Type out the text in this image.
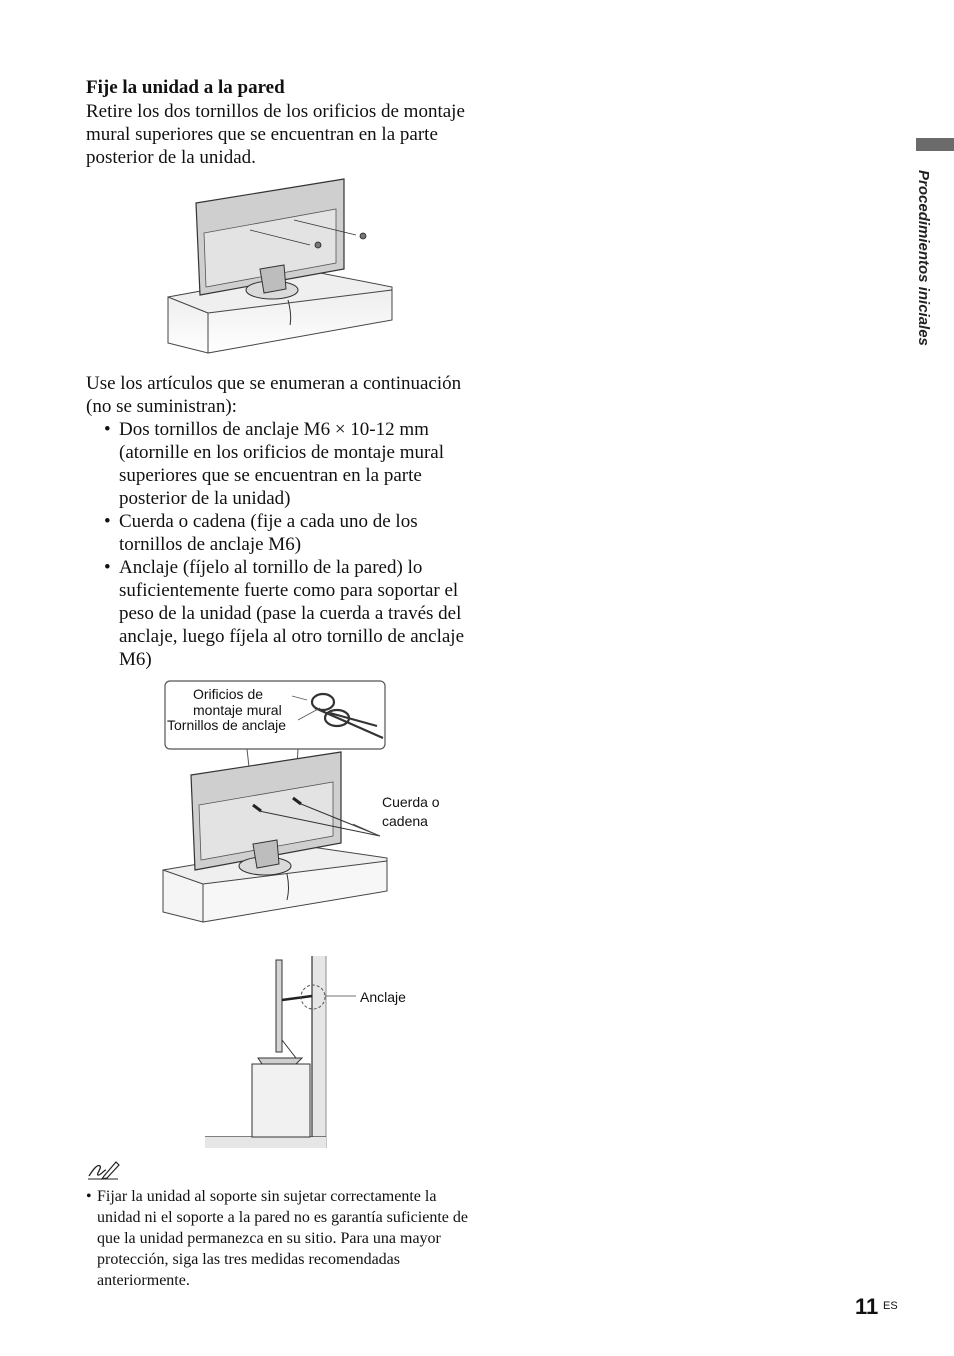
Fije la unidad a la pared
Retire los dos tornillos de los orificios de montaje mural superiores que se encuentran en la parte posterior de la unidad.
Use los artículos que se enumeran a continuación (no se suministran):
• Dos tornillos de anclaje M6 × 10-12 mm (atornille en los orificios de montaje mural superiores que se encuentran en la parte posterior de la unidad)
• Cuerda o cadena (fije a cada uno de los tornillos de anclaje M6)
• Anclaje (fíjelo al tornillo de la pared) lo suficientemente fuerte como para soportar el peso de la unidad (pase la cuerda a través del anclaje, luego fíjela al otro tornillo de anclaje M6)
Orificios de
montaje mural
Tornillos de anclaje
Cuerda o
cadena
Anclaje
• Fijar la unidad al soporte sin sujetar correctamente la unidad ni el soporte a la pared no es garantía suficiente de que la unidad permanezca en su sitio. Para una mayor protección, siga las tres medidas recomendadas anteriormente.
Procedimientos iniciales
11 ES
